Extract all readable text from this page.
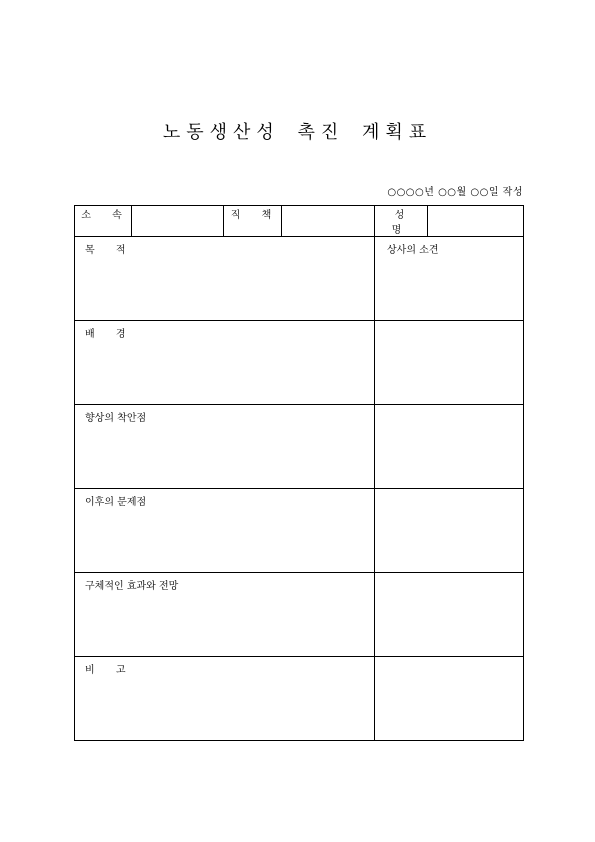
노동생산성 촉진 계획표
○○○○년 ○○월 ○○일 작성
소 속		직 책		성 명	

목 적				상사의 소견	

배 경					

향상의 착안점					

이후의 문제점					

구체적인 효과와 전망					

비 고					
